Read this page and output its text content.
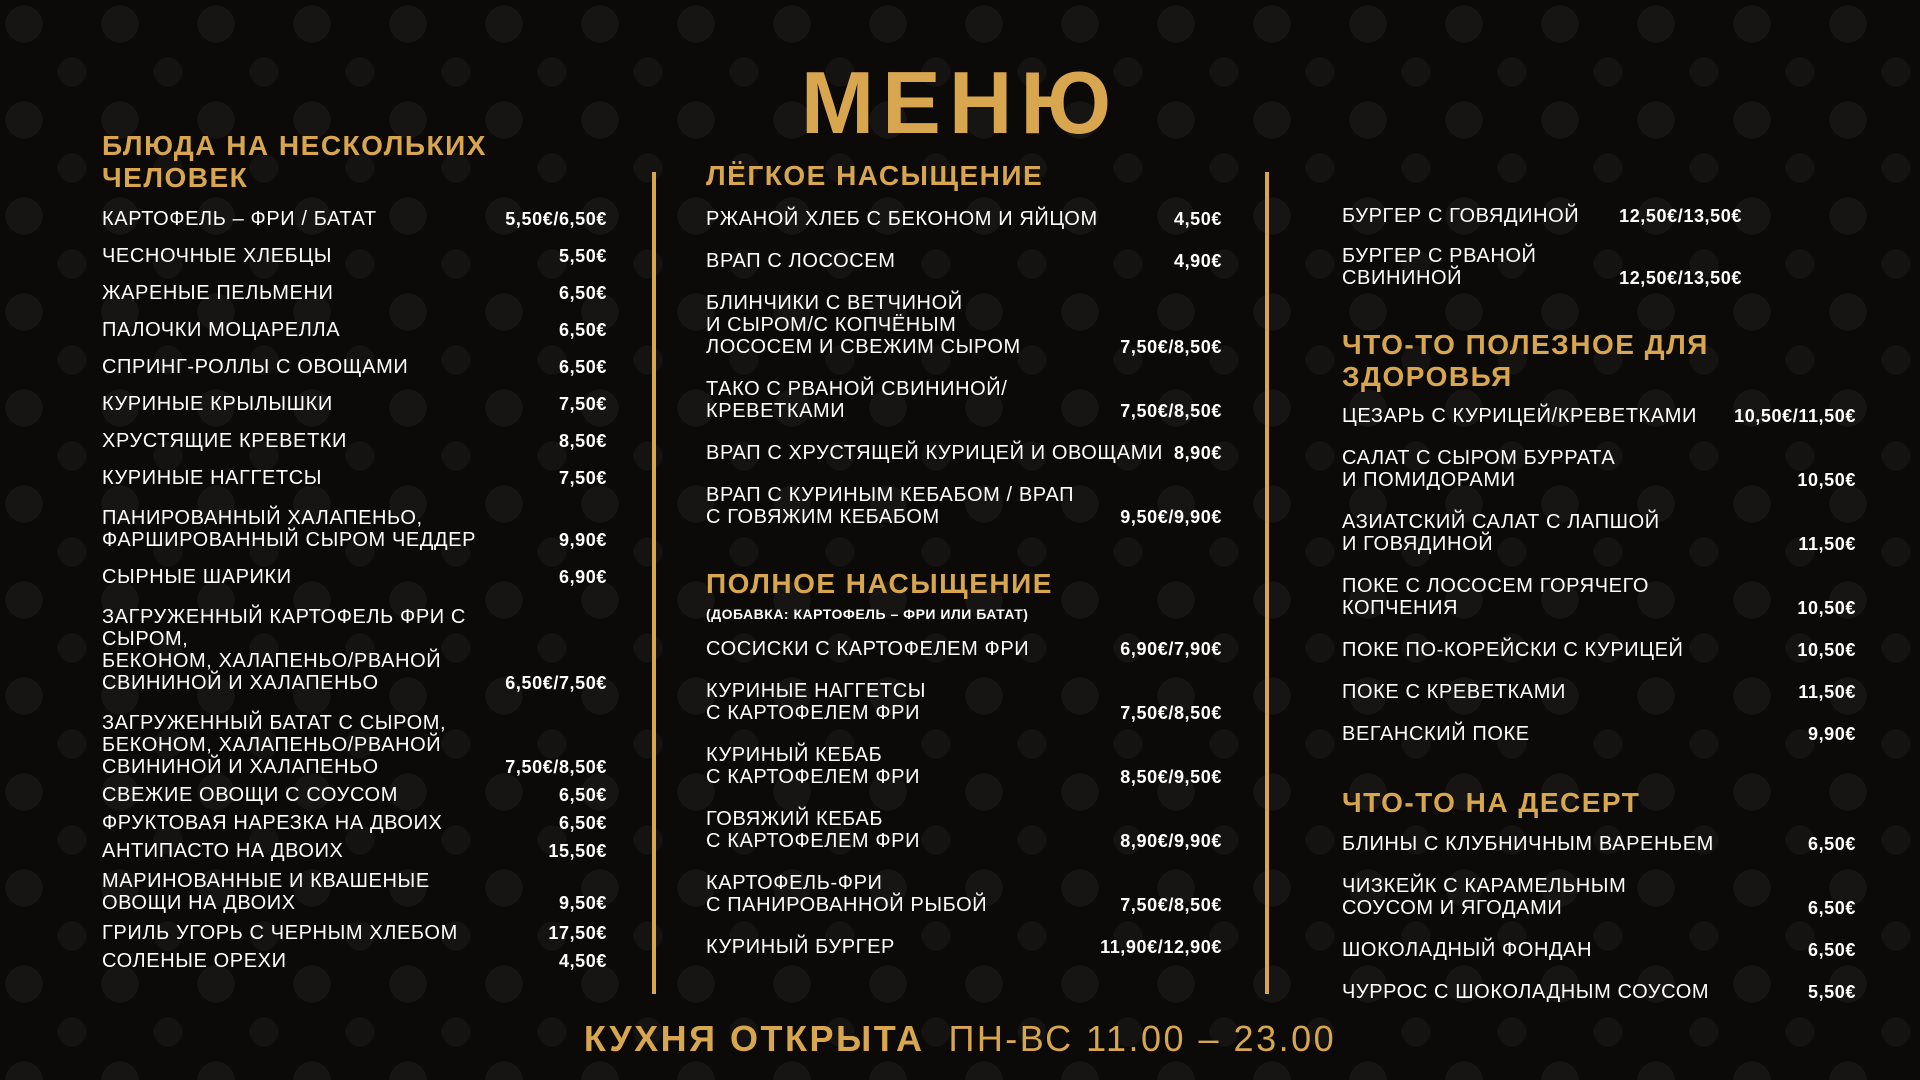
МЕНЮ
БЛЮДА НА НЕСКОЛЬКИХ ЧЕЛОВЕК
КАРТОФЕЛЬ – ФРИ / БАТАТ	5,50€/6,50€
ЧЕСНОЧНЫЕ ХЛЕБЦЫ	5,50€
ЖАРЕНЫЕ ПЕЛЬМЕНИ	6,50€
ПАЛОЧКИ МОЦАРЕЛЛА	6,50€
СПРИНГ-РОЛЛЫ С ОВОЩАМИ	6,50€
КУРИНЫЕ КРЫЛЫШКИ	7,50€
ХРУСТЯЩИЕ КРЕВЕТКИ	8,50€
КУРИНЫЕ НАГГЕТСЫ	7,50€
ПАНИРОВАННЫЙ ХАЛАПЕНЬО,
ФАРШИРОВАННЫЙ СЫРОМ ЧЕДДЕР	9,90€
СЫРНЫЕ ШАРИКИ	6,90€
ЗАГРУЖЕННЫЙ КАРТОФЕЛЬ ФРИ С СЫРОМ,
БЕКОНОМ, ХАЛАПЕНЬО/РВАНОЙ
СВИНИНОЙ И ХАЛАПЕНЬО	6,50€/7,50€
ЗАГРУЖЕННЫЙ БАТАТ С СЫРОМ,
БЕКОНОМ, ХАЛАПЕНЬО/РВАНОЙ
СВИНИНОЙ И ХАЛАПЕНЬО	7,50€/8,50€
СВЕЖИЕ ОВОЩИ С СОУСОМ	6,50€
ФРУКТОВАЯ НАРЕЗКА НА ДВОИХ	6,50€
АНТИПАСТО НА ДВОИХ	15,50€
МАРИНОВАННЫЕ И КВАШЕНЫЕ
ОВОЩИ НА ДВОИХ	9,50€
ГРИЛЬ УГОРЬ С ЧЕРНЫМ ХЛЕБОМ	17,50€
СОЛЕНЫЕ ОРЕХИ	4,50€
ЛЁГКОЕ НАСЫЩЕНИЕ
РЖАНОЙ ХЛЕБ С БЕКОНОМ И ЯЙЦОМ	4,50€
ВРАП С ЛОСОСЕМ	4,90€
БЛИНЧИКИ С ВЕТЧИНОЙ
И СЫРОМ/С КОПЧЁНЫМ
ЛОСОСЕМ И СВЕЖИМ СЫРОМ	7,50€/8,50€
ТАКО С РВАНОЙ СВИНИНОЙ/
КРЕВЕТКАМИ	7,50€/8,50€
ВРАП С ХРУСТЯЩЕЙ КУРИЦЕЙ И ОВОЩАМИ 8,90€
ВРАП С КУРИНЫМ КЕБАБОМ / ВРАП
С ГОВЯЖИМ КЕБАБОМ	9,50€/9,90€
ПОЛНОЕ НАСЫЩЕНИЕ
(ДОБАВКА: КАРТОФЕЛЬ – ФРИ ИЛИ БАТАТ)
СОСИСКИ С КАРТОФЕЛЕМ ФРИ	6,90€/7,90€
КУРИНЫЕ НАГГЕТСЫ
С КАРТОФЕЛЕМ ФРИ	7,50€/8,50€
КУРИНЫЙ КЕБАБ
С КАРТОФЕЛЕМ ФРИ	8,50€/9,50€
ГОВЯЖИЙ КЕБАБ
С КАРТОФЕЛЕМ ФРИ	8,90€/9,90€
КАРТОФЕЛЬ-ФРИ
С ПАНИРОВАННОЙ РЫБОЙ	7,50€/8,50€
КУРИНЫЙ БУРГЕР	11,90€/12,90€
БУРГЕР С ГОВЯДИНОЙ	12,50€/13,50€
БУРГЕР С РВАНОЙ
СВИНИНОЙ	12,50€/13,50€
ЧТО-ТО ПОЛЕЗНОЕ ДЛЯ ЗДОРОВЬЯ
ЦЕЗАРЬ С КУРИЦЕЙ/КРЕВЕТКАМИ	10,50€/11,50€
САЛАТ С СЫРОМ БУРРАТА
И ПОМИДОРАМИ	10,50€
АЗИАТСКИЙ САЛАТ С ЛАПШОЙ
И ГОВЯДИНОЙ	11,50€
ПОКЕ С ЛОСОСЕМ ГОРЯЧЕГО
КОПЧЕНИЯ	10,50€
ПОКЕ ПО-КОРЕЙСКИ С КУРИЦЕЙ	10,50€
ПОКЕ С КРЕВЕТКАМИ	11,50€
ВЕГАНСКИЙ ПОКЕ	9,90€
ЧТО-ТО НА ДЕСЕРТ
БЛИНЫ С КЛУБНИЧНЫМ ВАРЕНЬЕМ	6,50€
ЧИЗКЕЙК С КАРАМЕЛЬНЫМ
СОУСОМ И ЯГОДАМИ	6,50€
ШОКОЛАДНЫЙ ФОНДАН	6,50€
ЧУРРОС С ШОКОЛАДНЫМ СОУСОМ	5,50€
КУХНЯ ОТКРЫТА ПН-ВС 11.00 – 23.00
